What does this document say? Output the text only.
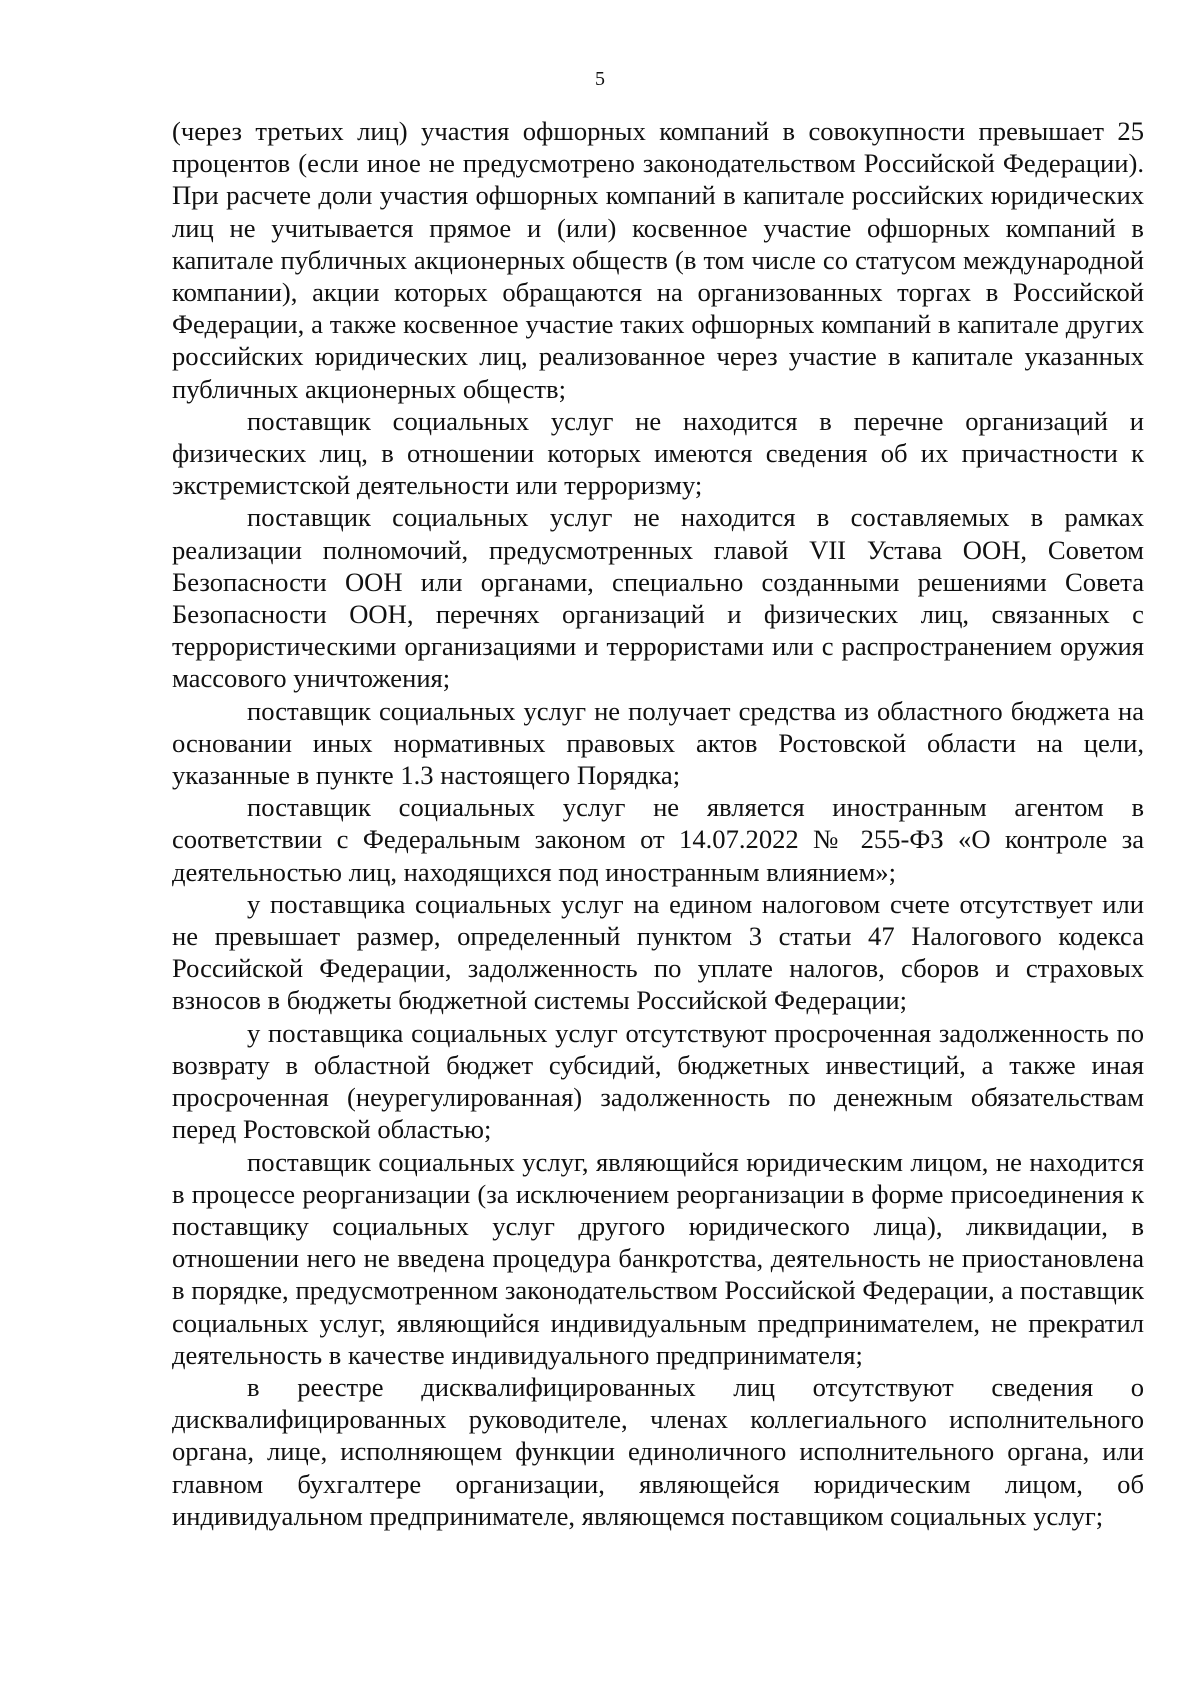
5

(через третьих лиц) участия офшорных компаний в совокупности превышает 25 процентов (если иное не предусмотрено законодательством Российской Федерации). При расчете доли участия офшорных компаний в капитале российских юридических лиц не учитывается прямое и (или) косвенное участие офшорных компаний в капитале публичных акционерных обществ (в том числе со статусом международной компании), акции которых обращаются на организованных торгах в Российской Федерации, а также косвенное участие таких офшорных компаний в капитале других российских юридических лиц, реализованное через участие в капитале указанных публичных акционерных обществ;

поставщик социальных услуг не находится в перечне организаций и физических лиц, в отношении которых имеются сведения об их причастности к экстремистской деятельности или терроризму;

поставщик социальных услуг не находится в составляемых в рамках реализации полномочий, предусмотренных главой VII Устава ООН, Советом Безопасности ООН или органами, специально созданными решениями Совета Безопасности ООН, перечнях организаций и физических лиц, связанных с террористическими организациями и террористами или с распространением оружия массового уничтожения;

поставщик социальных услуг не получает средства из областного бюджета на основании иных нормативных правовых актов Ростовской области на цели, указанные в пункте 1.3 настоящего Порядка;

поставщик социальных услуг не является иностранным агентом в соответствии с Федеральным законом от 14.07.2022 № 255-ФЗ «О контроле за деятельностью лиц, находящихся под иностранным влиянием»;

у поставщика социальных услуг на едином налоговом счете отсутствует или не превышает размер, определенный пунктом 3 статьи 47 Налогового кодекса Российской Федерации, задолженность по уплате налогов, сборов и страховых взносов в бюджеты бюджетной системы Российской Федерации;

у поставщика социальных услуг отсутствуют просроченная задолженность по возврату в областной бюджет субсидий, бюджетных инвестиций, а также иная просроченная (неурегулированная) задолженность по денежным обязательствам перед Ростовской областью;

поставщик социальных услуг, являющийся юридическим лицом, не находится в процессе реорганизации (за исключением реорганизации в форме присоединения к поставщику социальных услуг другого юридического лица), ликвидации, в отношении него не введена процедура банкротства, деятельность не приостановлена в порядке, предусмотренном законодательством Российской Федерации, а поставщик социальных услуг, являющийся индивидуальным предпринимателем, не прекратил деятельность в качестве индивидуального предпринимателя;

в реестре дисквалифицированных лиц отсутствуют сведения о дисквалифицированных руководителе, членах коллегиального исполнительного органа, лице, исполняющем функции единоличного исполнительного органа, или главном бухгалтере организации, являющейся юридическим лицом, об индивидуальном предпринимателе, являющемся поставщиком социальных услуг;
